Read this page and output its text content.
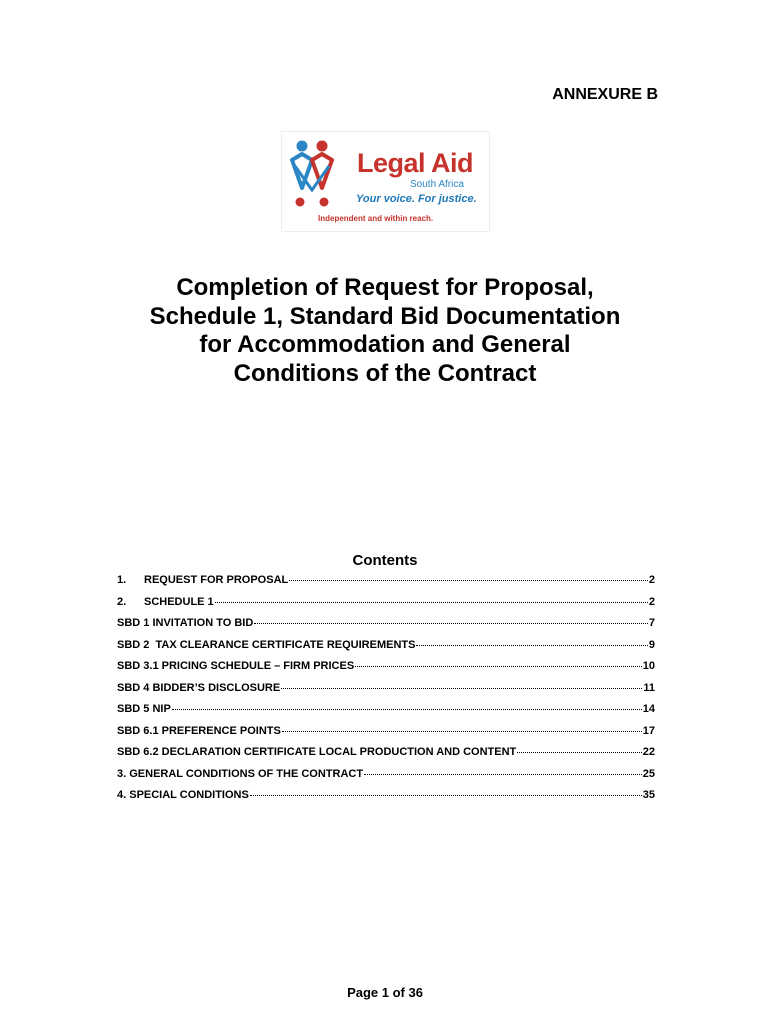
ANNEXURE B
Legal Aid
South Africa
Your voice. For justice.
Independent and within reach.
Completion of Request for Proposal,
Schedule 1, Standard Bid Documentation
for Accommodation and General
Conditions of the Contract
Contents
1.	REQUEST FOR PROPOSAL	2
2.	SCHEDULE 1	2
SBD 1 INVITATION TO BID	7
SBD 2  TAX CLEARANCE CERTIFICATE REQUIREMENTS	9
SBD 3.1 PRICING SCHEDULE – FIRM PRICES	10
SBD 4 BIDDER’S DISCLOSURE	11
SBD 5 NIP	14
SBD 6.1 PREFERENCE POINTS	17
SBD 6.2 DECLARATION CERTIFICATE LOCAL PRODUCTION AND CONTENT	22
3. GENERAL CONDITIONS OF THE CONTRACT	25
4. SPECIAL CONDITIONS	35
Page 1 of 36
